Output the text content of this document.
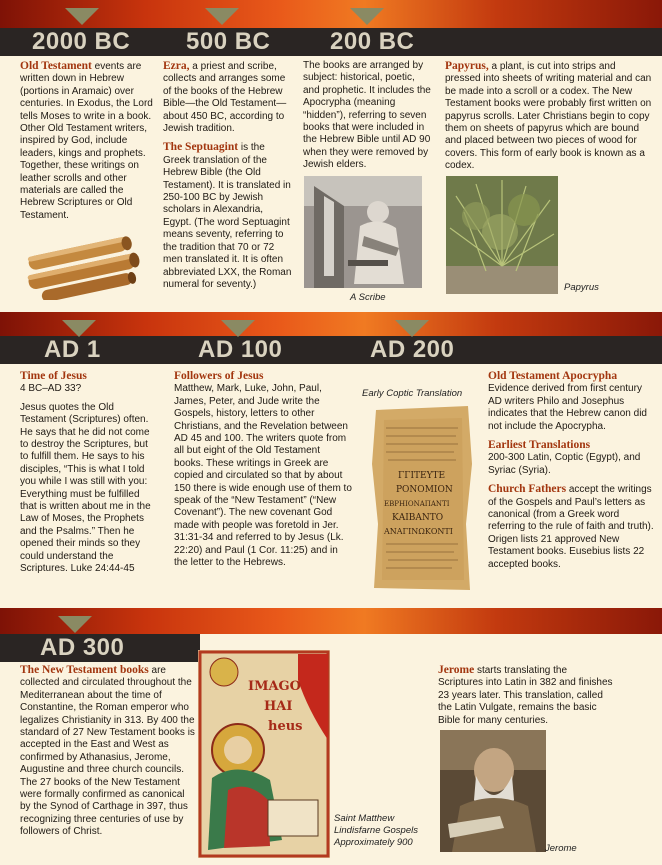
2000 BC 500 BC 200 BC

Old Testament events are written down in Hebrew (portions in Aramaic) over centuries. In Exodus, the Lord tells Moses to write in a book. Other Old Testament writers, inspired by God, include leaders, kings and prophets. Together, these writings on leather scrolls and other materials are called the Hebrew Scriptures or Old Testament.

Ezra, a priest and scribe, collects and arranges some of the books of the Hebrew Bible—the Old Testament—about 450 BC, according to Jewish tradition.

The Septuagint is the Greek translation of the Hebrew Bible (the Old Testament). It is translated in 250-100 BC by Jewish scholars in Alexandria, Egypt. (The word Septuagint means seventy, referring to the tradition that 70 or 72 men translated it. It is often abbreviated LXX, the Roman numeral for seventy.)

The books are arranged by subject: historical, poetic, and prophetic. It includes the Apocrypha (meaning “hidden”), referring to seven books that were included in the Hebrew Bible until AD 90 when they were removed by Jewish elders.

A Scribe

Papyrus, a plant, is cut into strips and pressed into sheets of writing material and can be made into a scroll or a codex. The New Testament books were probably first written on papyrus scrolls. Later Christians begin to copy them on sheets of papyrus which are bound and placed between two pieces of wood for covers. This form of early book is known as a codex.

Papyrus
AD 1	AD 100	AD 200

Time of Jesus

4 BC–AD 33?

Jesus quotes the Old Testament (Scriptures) often. He says that he did not come to destroy the Scriptures, but to fulfill them. He says to his disciples, “This is what I told you while I was still with you: Everything must be fulfilled that is written about me in the Law of Moses, the Prophets and the Psalms.” Then he opened their minds so they could understand the Scriptures. Luke 24:44-45

Followers of Jesus

Matthew, Mark, Luke, John, Paul, James, Peter, and Jude write the Gospels, history, letters to other Christians, and the Revelation between AD 45 and 100. The writers quote from all but eight of the Old Testament books. These writings in Greek are copied and circulated so that by about 150 there is wide enough use of them to speak of the “New Testament” (“New Covenant”). The new covenant God made with people was foretold in Jer. 31:31-34 and referred to by Jesus (Lk. 22:20) and Paul (1 Cor. 11:25) and in the letter to the Hebrews.

Early Coptic Translation
ΓΓΙΤΕΥΤΕ
ΡΟΝΟΜΙΟΝ
ΕΒΡΗΙΟΝΑΠΑΝΤΙ
ΚΑΙΒΑΝΤΟ
ΑΝΑΓΙΝΩΚΟΝΤΙ

Old Testament Apocrypha

Evidence derived from first century AD writers Philo and Josephus indicates that the Hebrew canon did not include the Apocrypha.

Earliest Translations

200-300 Latin, Coptic (Egypt), and Syriac (Syria).

Church Fathers accept the writings of the Gospels and Paul’s letters as canonical (from a Greek word referring to the rule of faith and truth). Origen lists 21 approved New Testament books. Eusebius lists 22 accepted books.

AD 300

The New Testament books are collected and circulated throughout the Mediterranean about the time of Constantine, the Roman emperor who legalizes Christianity in 313. By 400 the standard of 27 New Testament books is accepted in the East and West as confirmed by Athanasius, Jerome, Augustine and three church councils. The 27 books of the New Testament were formally confirmed as canonical by the Synod of Carthage in 397, thus recognizing three centuries of use by followers of Christ.

IMAGO
HAI
heus
Saint Matthew
Lindisfarne Gospels
Approximately 900

Jerome starts translating the Scriptures into Latin in 382 and finishes 23 years later. This translation, called the Latin Vulgate, remains the basic Bible for many centuries.

Jerome
